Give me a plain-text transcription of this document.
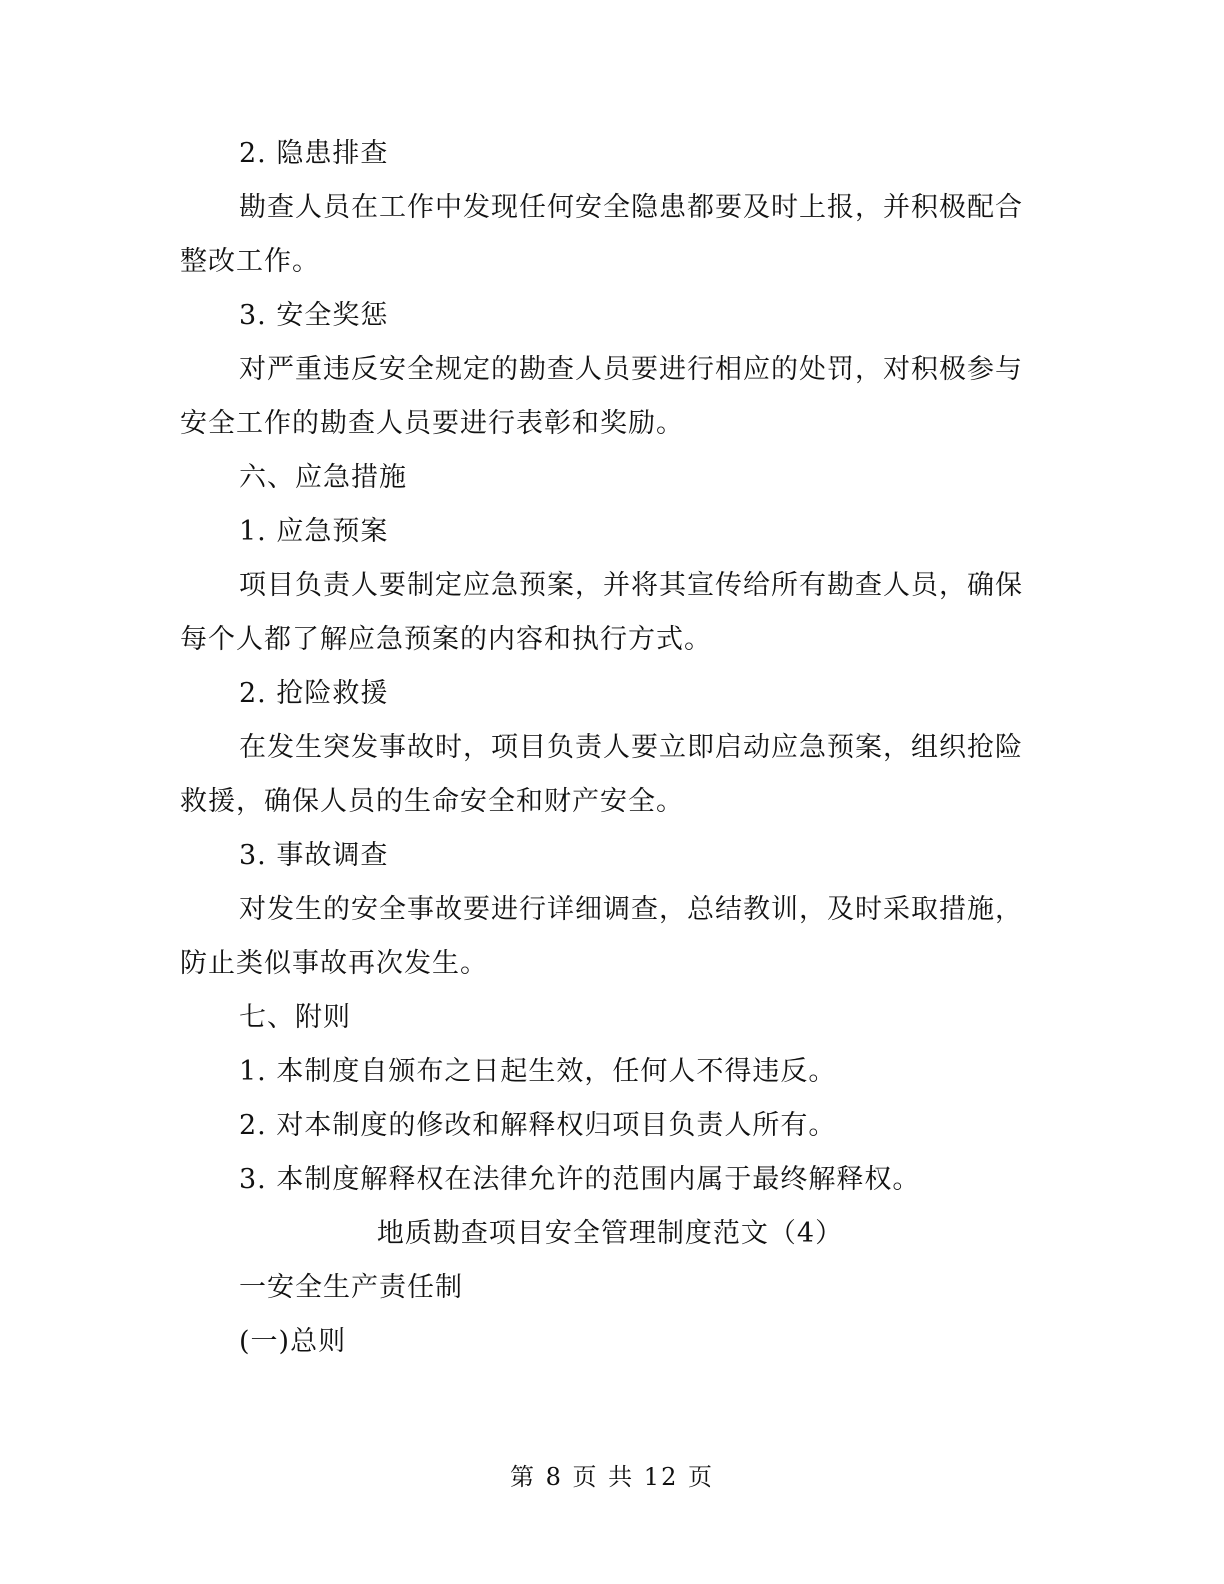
2. 隐患排查
勘查人员在工作中发现任何安全隐患都要及时上报，并积极配合
整改工作。
3. 安全奖惩
对严重违反安全规定的勘查人员要进行相应的处罚，对积极参与
安全工作的勘查人员要进行表彰和奖励。
六、应急措施
1. 应急预案
项目负责人要制定应急预案，并将其宣传给所有勘查人员，确保
每个人都了解应急预案的内容和执行方式。
2. 抢险救援
在发生突发事故时，项目负责人要立即启动应急预案，组织抢险
救援，确保人员的生命安全和财产安全。
3. 事故调查
对发生的安全事故要进行详细调查，总结教训，及时采取措施，
防止类似事故再次发生。
七、附则
1. 本制度自颁布之日起生效，任何人不得违反。
2. 对本制度的修改和解释权归项目负责人所有。
3. 本制度解释权在法律允许的范围内属于最终解释权。
地质勘查项目安全管理制度范文（4）
一安全生产责任制
(一)总则
第 8 页 共 12 页
